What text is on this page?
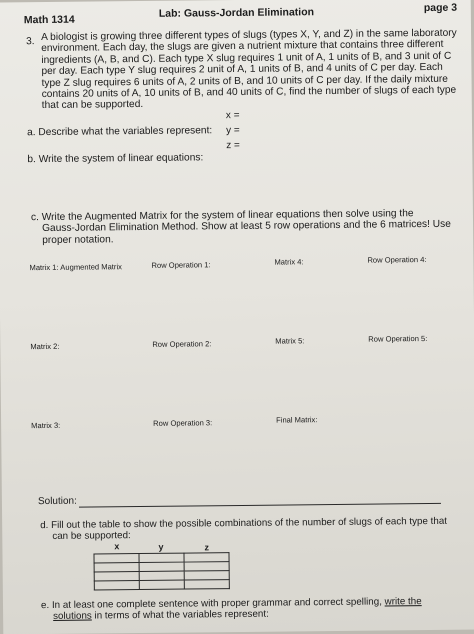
Math 1314
Lab: Gauss-Jordan Elimination	page 3
3. A biologist is growing three different types of slugs (types X, Y, and Z) in the same laboratory
environment. Each day, the slugs are given a nutrient mixture that contains three different
ingredients (A, B, and C). Each type X slug requires 1 unit of A, 1 units of B, and 3 unit of C
per day. Each type Y slug requires 2 unit of A, 1 units of B, and 4 units of C per day. Each
type Z slug requires 6 units of A, 2 units of B, and 10 units of C per day. If the daily mixture
contains 20 units of A, 10 units of B, and 40 units of C, find the number of slugs of each type
that can be supported.
x =
a. Describe what the variables represent: y =
z =
b. Write the system of linear equations:
c. Write the Augmented Matrix for the system of linear equations then solve using the
Gauss-Jordan Elimination Method. Show at least 5 row operations and the 6 matrices! Use
proper notation.
Matrix 1: Augmented Matrix	Row Operation 1:	Matrix 4:	Row Operation 4:
Matrix 2:	Row Operation 2:	Matrix 5:	Row Operation 5:
Matrix 3:	Row Operation 3:	Final Matrix:
Solution:
d. Fill out the table to show the possible combinations of the number of slugs of each type that
can be supported:
x	y	z

e. In at least one complete sentence with proper grammar and correct spelling, write the
solutions in terms of what the variables represent:
